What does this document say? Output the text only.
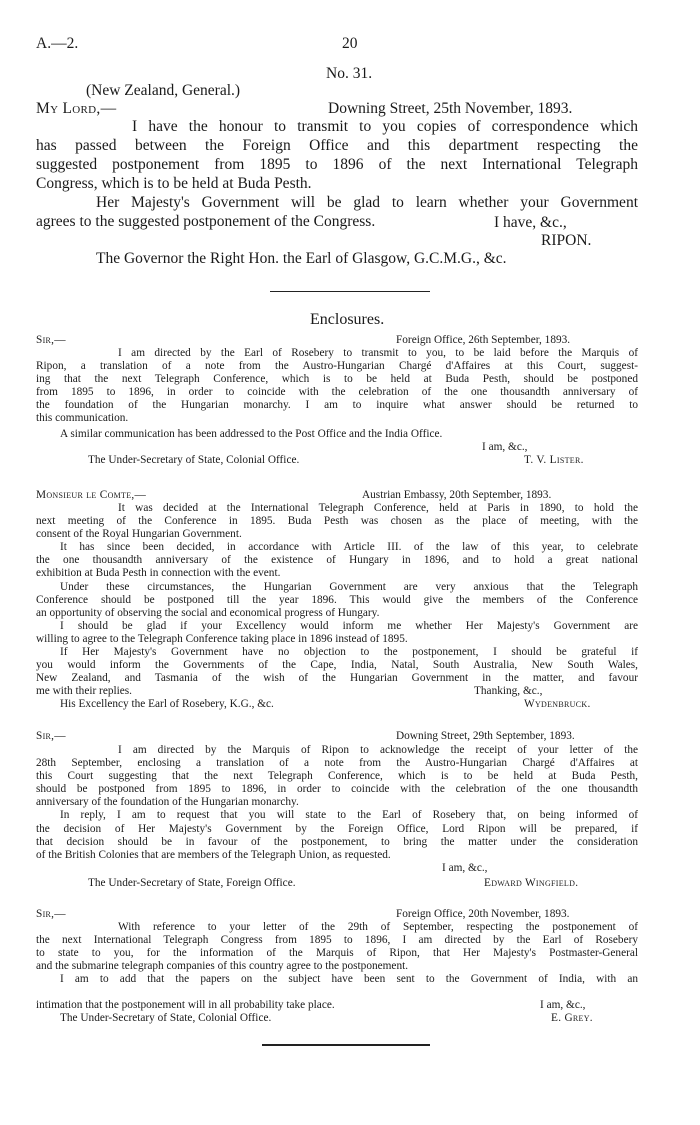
A.—2.	20
No. 31.
(New Zealand, General.)
My Lord,—	Downing Street, 25th November, 1893.
I have the honour to transmit to you copies of correspondence which
has passed between the Foreign Office and this department respecting the
suggested postponement from 1895 to 1896 of the next International Telegraph
Congress, which is to be held at Buda Pesth.
Her Majesty's Government will be glad to learn whether your Government
agrees to the suggested postponement of the Congress.	I have, &c.,
RIPON.
The Governor the Right Hon. the Earl of Glasgow, G.C.M.G., &c.
Enclosures.
Sir,—	Foreign Office, 26th September, 1893.
I am directed by the Earl of Rosebery to transmit to you, to be laid before the Marquis of
Ripon, a translation of a note from the Austro-Hungarian Chargé d'Affaires at this Court, suggest-
ing that the next Telegraph Conference, which is to be held at Buda Pesth, should be postponed
from 1895 to 1896, in order to coincide with the celebration of the one thousandth anniversary of
the foundation of the Hungarian monarchy. I am to inquire what answer should be returned to
this communication.
A similar communication has been addressed to the Post Office and the India Office.
I am, &c.,
The Under-Secretary of State, Colonial Office.	T. V. Lister.
Monsieur le Comte,—	Austrian Embassy, 20th September, 1893.
It was decided at the International Telegraph Conference, held at Paris in 1890, to hold the
next meeting of the Conference in 1895. Buda Pesth was chosen as the place of meeting, with the
consent of the Royal Hungarian Government.
It has since been decided, in accordance with Article III. of the law of this year, to celebrate
the one thousandth anniversary of the existence of Hungary in 1896, and to hold a great national
exhibition at Buda Pesth in connection with the event.
Under these circumstances, the Hungarian Government are very anxious that the Telegraph
Conference should be postponed till the year 1896. This would give the members of the Conference
an opportunity of observing the social and economical progress of Hungary.
I should be glad if your Excellency would inform me whether Her Majesty's Government are
willing to agree to the Telegraph Conference taking place in 1896 instead of 1895.
If Her Majesty's Government have no objection to the postponement, I should be grateful if
you would inform the Governments of the Cape, India, Natal, South Australia, New South Wales,
New Zealand, and Tasmania of the wish of the Hungarian Government in the matter, and favour
me with their replies.	Thanking, &c.,
His Excellency the Earl of Rosebery, K.G., &c.	Wydenbruck.
Sir,—	Downing Street, 29th September, 1893.
I am directed by the Marquis of Ripon to acknowledge the receipt of your letter of the
28th September, enclosing a translation of a note from the Austro-Hungarian Chargé d'Affaires at
this Court suggesting that the next Telegraph Conference, which is to be held at Buda Pesth,
should be postponed from 1895 to 1896, in order to coincide with the celebration of the one thousandth
anniversary of the foundation of the Hungarian monarchy.
In reply, I am to request that you will state to the Earl of Rosebery that, on being informed of
the decision of Her Majesty's Government by the Foreign Office, Lord Ripon will be prepared, if
that decision should be in favour of the postponement, to bring the matter under the consideration
of the British Colonies that are members of the Telegraph Union, as requested.
I am, &c.,
The Under-Secretary of State, Foreign Office.	Edward Wingfield.
Sir,—	Foreign Office, 20th November, 1893.
With reference to your letter of the 29th of September, respecting the postponement of
the next International Telegraph Congress from 1895 to 1896, I am directed by the Earl of Rosebery
to state to you, for the information of the Marquis of Ripon, that Her Majesty's Postmaster-General
and the submarine telegraph companies of this country agree to the postponement.
I am to add that the papers on the subject have been sent to the Government of India, with an
intimation that the postponement will in all probability take place.	I am, &c.,
The Under-Secretary of State, Colonial Office.	E. Grey.
